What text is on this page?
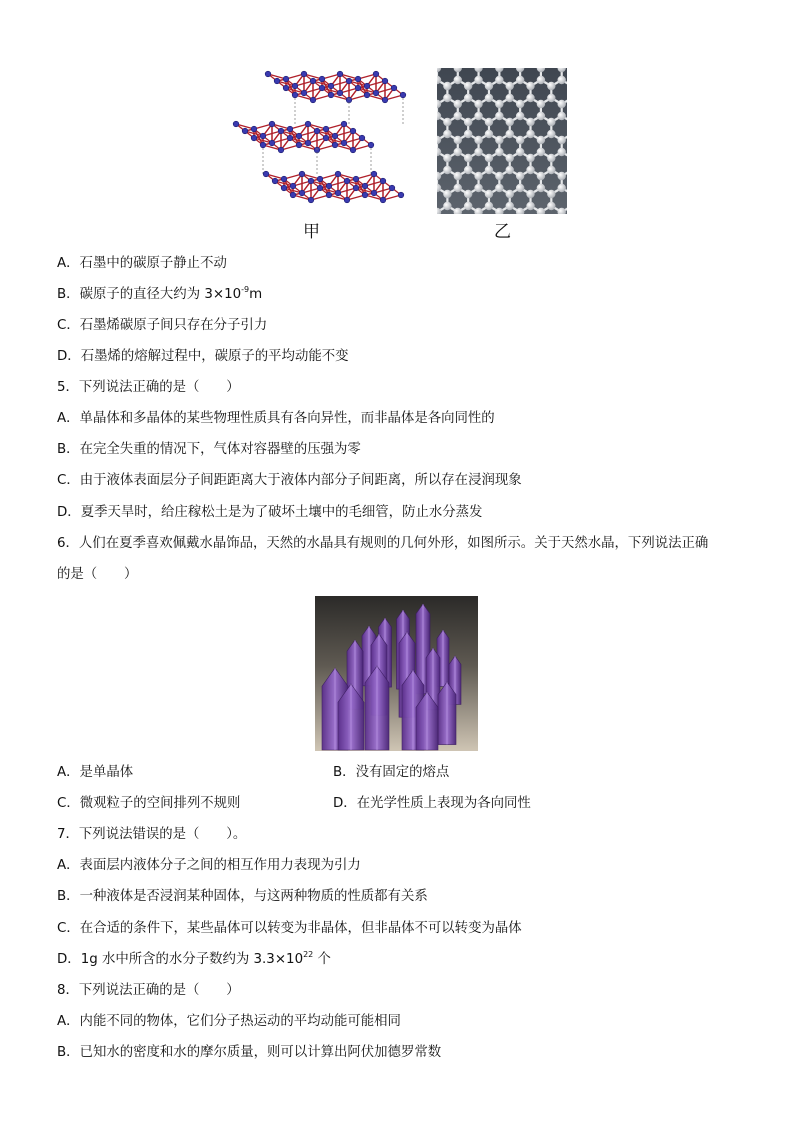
甲	乙
A．石墨中的碳原子静止不动
B．碳原子的直径大约为 $3\times 10^{-9}m$
C．石墨烯碳原子间只存在分子引力
D．石墨烯的熔解过程中，碳原子的平均动能不变
5．下列说法正确的是（　　）
A．单晶体和多晶体的某些物理性质具有各向异性，而非晶体是各向同性的
B．在完全失重的情况下，气体对容器壁的压强为零
C．由于液体表面层分子间距距离大于液体内部分子间距离，所以存在浸润现象
D．夏季天旱时，给庄稼松土是为了破坏土壤中的毛细管，防止水分蒸发
6．人们在夏季喜欢佩戴水晶饰品，天然的水晶具有规则的几何外形，如图所示。关于天然水晶，下列说法正确
的是（　　）
A．是单晶体	B．没有固定的熔点
C．微观粒子的空间排列不规则	D．在光学性质上表现为各向同性
7．下列说法错误的是（　　）。
A．表面层内液体分子之间的相互作用力表现为引力
B．一种液体是否浸润某种固体，与这两种物质的性质都有关系
C．在合适的条件下，某些晶体可以转变为非晶体，但非晶体不可以转变为晶体
D．1g 水中所含的水分子数约为 $3.3\times 10^{22}$ 个
8．下列说法正确的是（　　）
A．内能不同的物体，它们分子热运动的平均动能可能相同
B．已知水的密度和水的摩尔质量，则可以计算出阿伏加德罗常数
